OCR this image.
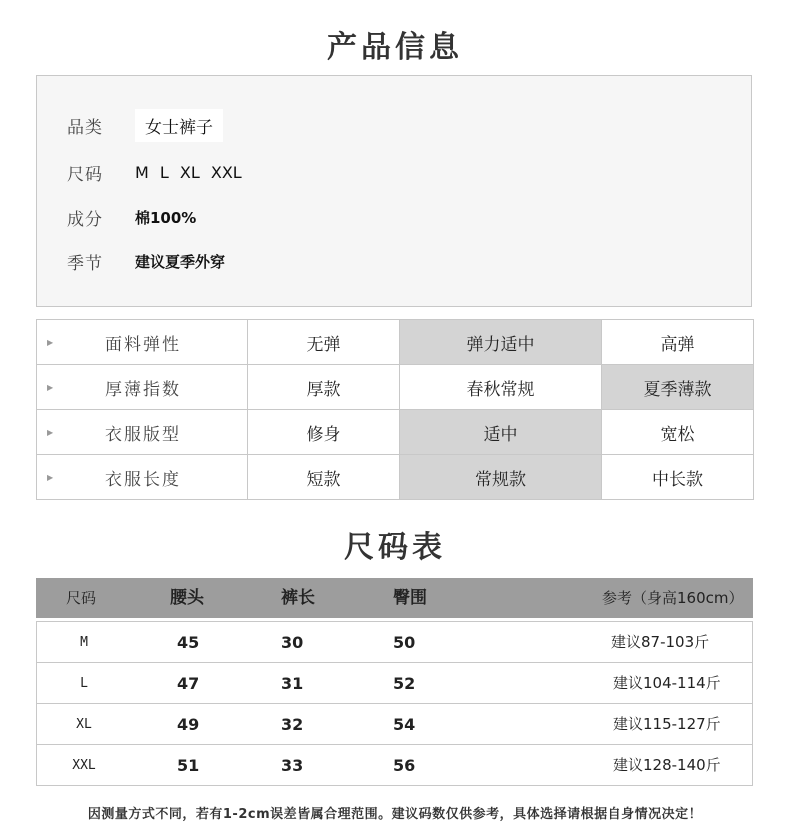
产品信息
品类	女士裤子
尺码	M L XL XXL
成分	棉100%
季节	建议夏季外穿
▶ 面料弹性	无弹	弹力适中	高弹

▶ 厚薄指数	厚款	春秋常规	夏季薄款

▶ 衣服版型	修身	适中	宽松

▶ 衣服长度	短款	常规款	中长款
尺码表
尺码	腰头	裤长	臀围	参考（身高160cm）
M	45	30	50	建议87-103斤
L	47	31	52	建议104-114斤
XL	49	32	54	建议115-127斤
XXL	51	33	56	建议128-140斤
因测量方式不同，若有1-2cm误差皆属合理范围。建议码数仅供参考，具体选择请根据自身情况决定！
